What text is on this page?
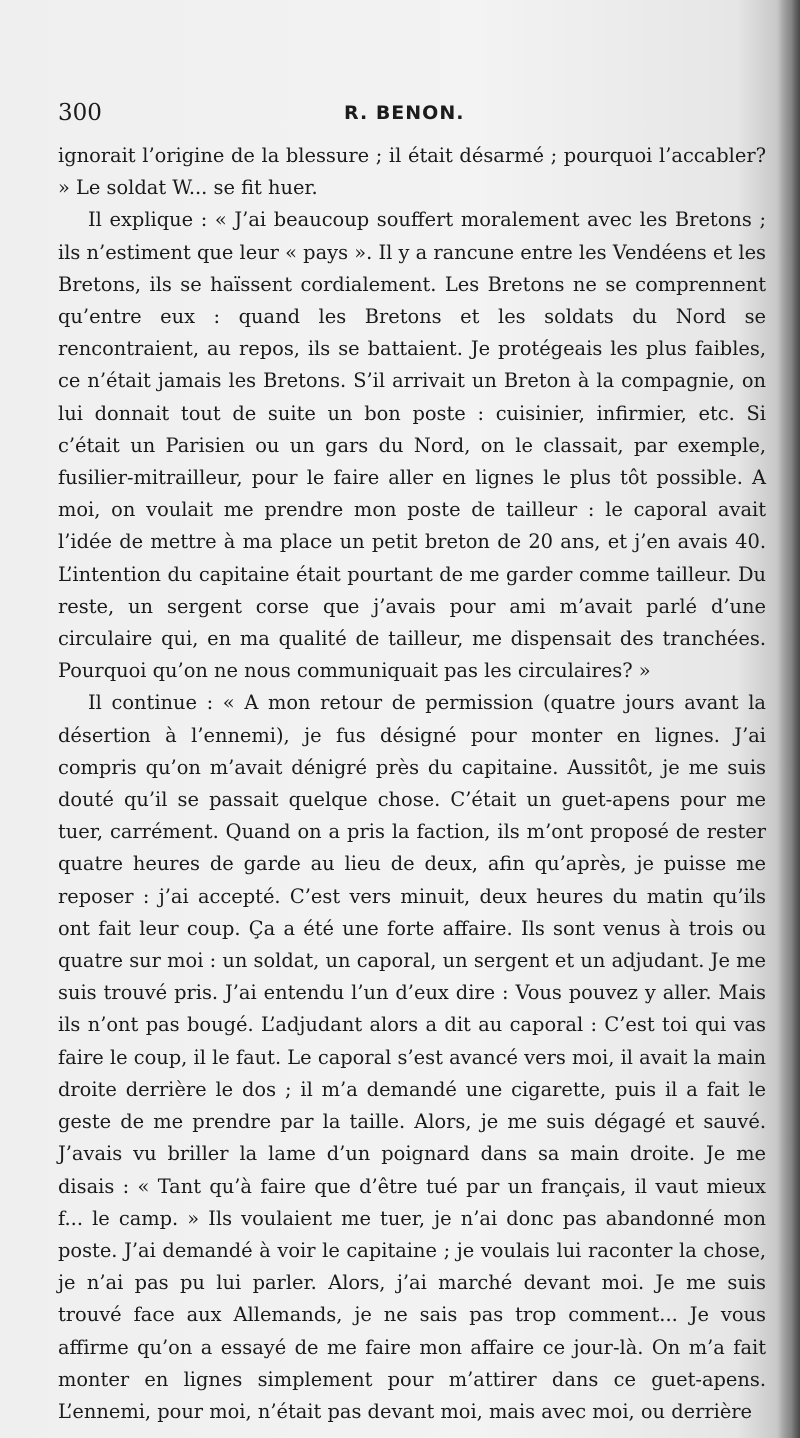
300	R. BENON.

ignorait l’origine de la blessure ; il était désarmé ; pourquoi l’accabler? » Le soldat W... se fit huer.

Il explique : « J’ai beaucoup souffert moralement avec les Bretons ; ils n’estiment que leur « pays ». Il y a rancune entre les Vendéens et les Bretons, ils se haïssent cordialement. Les Bretons ne se comprennent qu’entre eux : quand les Bretons et les soldats du Nord se rencontraient, au repos, ils se battaient. Je protégeais les plus faibles, ce n’était jamais les Bretons. S’il arrivait un Breton à la compagnie, on lui donnait tout de suite un bon poste : cuisinier, infirmier, etc. Si c’était un Parisien ou un gars du Nord, on le classait, par exemple, fusilier-mitrailleur, pour le faire aller en lignes le plus tôt possible. A moi, on voulait me prendre mon poste de tailleur : le caporal avait l’idée de mettre à ma place un petit breton de 20 ans, et j’en avais 40. L’intention du capitaine était pourtant de me garder comme tailleur. Du reste, un sergent corse que j’avais pour ami m’avait parlé d’une circulaire qui, en ma qualité de tailleur, me dispensait des tranchées. Pourquoi qu’on ne nous communiquait pas les circulaires? »

Il continue : « A mon retour de permission (quatre jours avant la désertion à l’ennemi), je fus désigné pour monter en lignes. J’ai compris qu’on m’avait dénigré près du capitaine. Aussitôt, je me suis douté qu’il se passait quelque chose. C’était un guet-apens pour me tuer, carrément. Quand on a pris la faction, ils m’ont proposé de rester quatre heures de garde au lieu de deux, afin qu’après, je puisse me reposer : j’ai accepté. C’est vers minuit, deux heures du matin qu’ils ont fait leur coup. Ça a été une forte affaire. Ils sont venus à trois ou quatre sur moi : un soldat, un caporal, un sergent et un adjudant. Je me suis trouvé pris. J’ai entendu l’un d’eux dire : Vous pouvez y aller. Mais ils n’ont pas bougé. L’adjudant alors a dit au caporal : C’est toi qui vas faire le coup, il le faut. Le caporal s’est avancé vers moi, il avait la main droite derrière le dos ; il m’a demandé une cigarette, puis il a fait le geste de me prendre par la taille. Alors, je me suis dégagé et sauvé. J’avais vu briller la lame d’un poignard dans sa main droite. Je me disais : « Tant qu’à faire que d’être tué par un français, il vaut mieux f... le camp. » Ils voulaient me tuer, je n’ai donc pas abandonné mon poste. J’ai demandé à voir le capitaine ; je voulais lui raconter la chose, je n’ai pas pu lui parler. Alors, j’ai marché devant moi. Je me suis trouvé face aux Allemands, je ne sais pas trop comment... Je vous affirme qu’on a essayé de me faire mon affaire ce jour-là. On m’a fait monter en lignes simplement pour m’attirer dans ce guet-apens. L’ennemi, pour moi, n’était pas devant moi, mais avec moi, ou derrière
